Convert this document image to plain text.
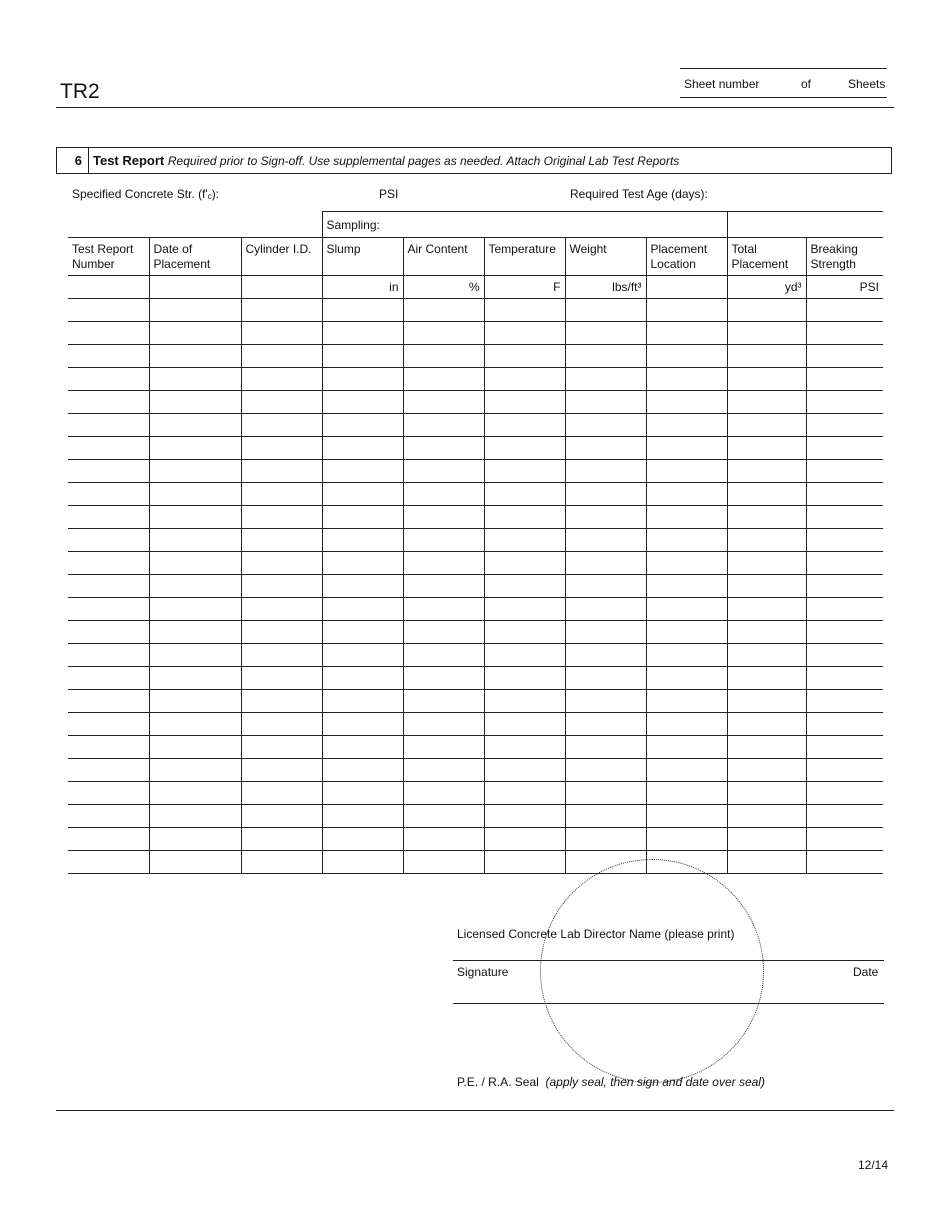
Sheet number	of	Sheets
TR2
6 Test Report Required prior to Sign-off. Use supplemental pages as needed. Attach Original Lab Test Reports
Specified Concrete Str. (f'c):	PSI	Required Test Age (days):
			Sampling:						
Test Report Number	Date of Placement	Cylinder I.D.	Slump	Air Content	Temperature	Weight	Placement Location	Total Placement	Breaking Strength
			in	%	F	lbs/ft³		yd³	PSI

Licensed Concrete Lab Director Name (please print)
Signature	Date
P.E. / R.A. Seal (apply seal, then sign and date over seal)
12/14
